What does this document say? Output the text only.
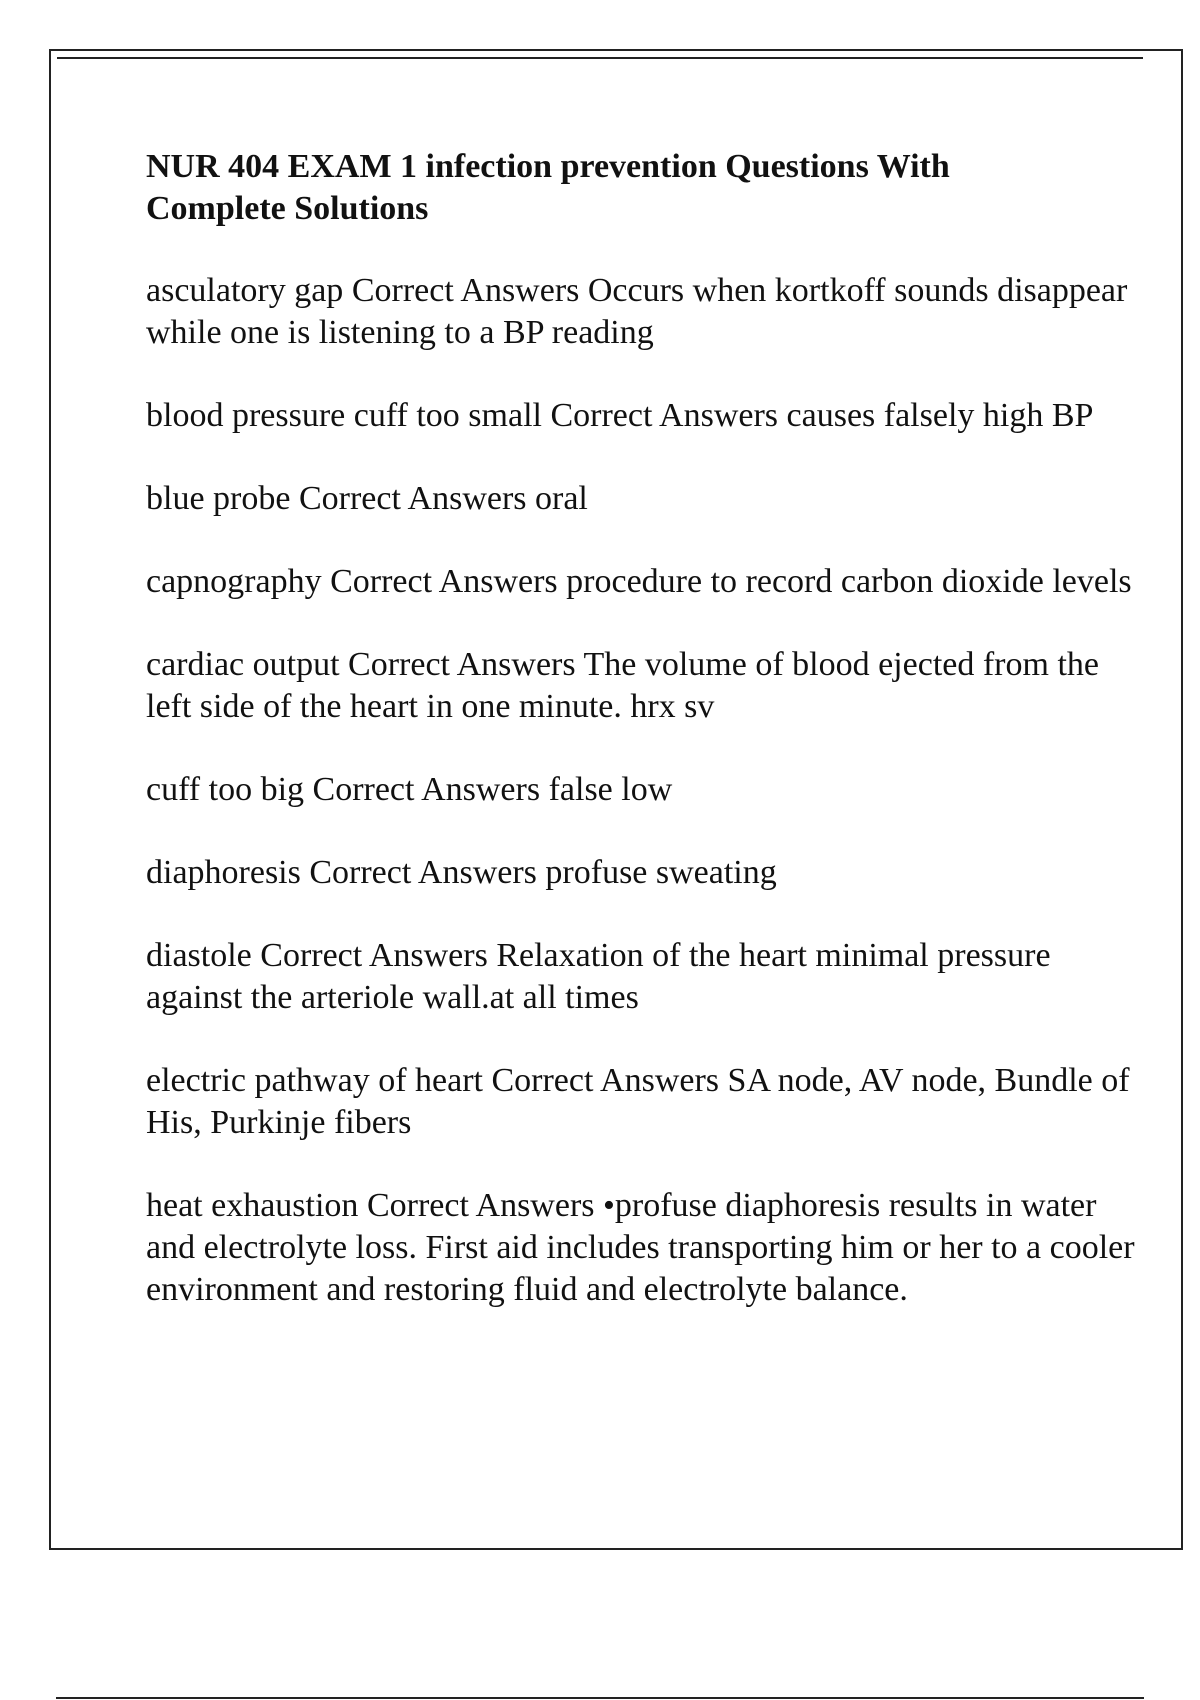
NUR 404 EXAM 1 infection prevention Questions With
Complete Solutions
asculatory gap Correct Answers Occurs when kortkoff sounds disappear while one is listening to a BP reading
blood pressure cuff too small Correct Answers causes falsely high BP
blue probe Correct Answers oral
capnography Correct Answers procedure to record carbon dioxide levels
cardiac output Correct Answers The volume of blood ejected from the left side of the heart in one minute. hrx sv
cuff too big Correct Answers false low
diaphoresis Correct Answers profuse sweating
diastole Correct Answers Relaxation of the heart minimal pressure against the arteriole wall.at all times
electric pathway of heart Correct Answers SA node, AV node, Bundle of His, Purkinje fibers
heat exhaustion Correct Answers •profuse diaphoresis results in water and electrolyte loss. First aid includes transporting him or her to a cooler environment and restoring fluid and electrolyte balance.
